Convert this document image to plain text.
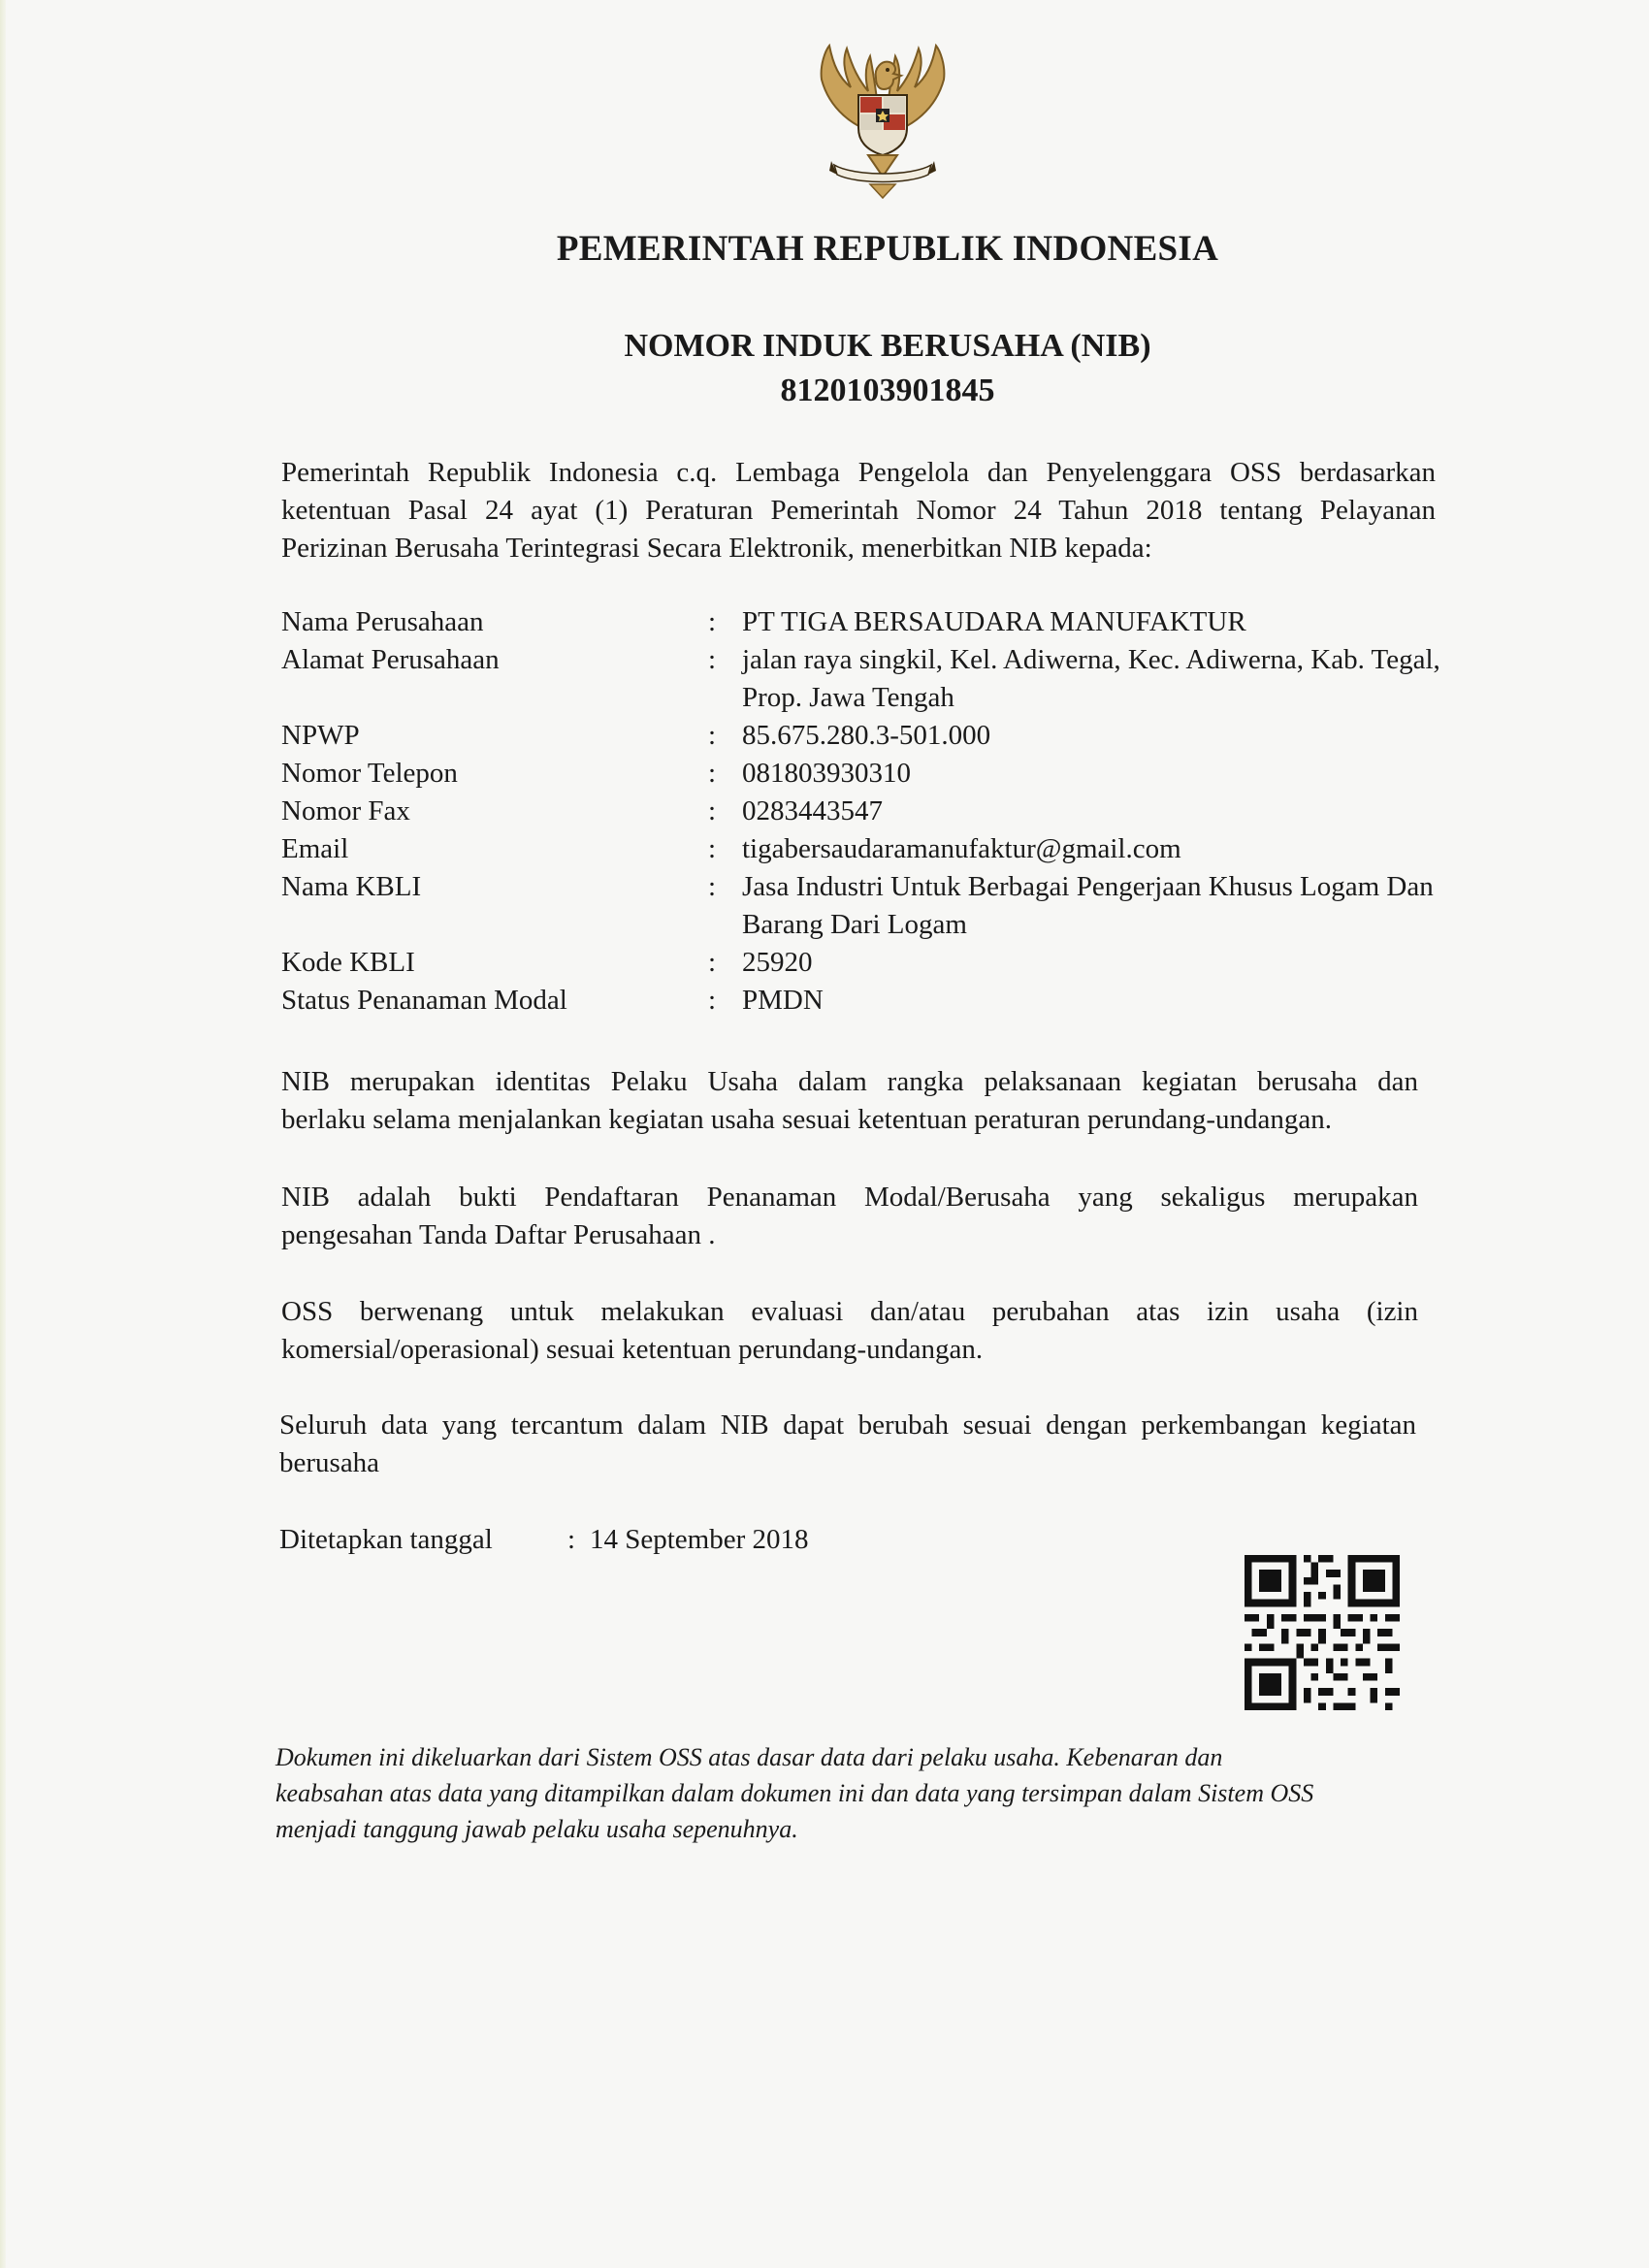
PEMERINTAH REPUBLIK INDONESIA
NOMOR INDUK BERUSAHA (NIB)
8120103901845
Pemerintah Republik Indonesia c.q. Lembaga Pengelola dan Penyelenggara OSS berdasarkan
ketentuan Pasal 24 ayat (1) Peraturan Pemerintah Nomor 24 Tahun 2018 tentang Pelayanan
Perizinan Berusaha Terintegrasi Secara Elektronik, menerbitkan NIB kepada:
Nama Perusahaan	: PT TIGA BERSAUDARA MANUFAKTUR
Alamat Perusahaan	: jalan raya singkil, Kel. Adiwerna, Kec. Adiwerna, Kab. Tegal, Prop. Jawa Tengah
NPWP	: 85.675.280.3-501.000
Nomor Telepon	: 081803930310
Nomor Fax	: 0283443547
Email	: tigabersaudaramanufaktur@gmail.com
Nama KBLI	: Jasa Industri Untuk Berbagai Pengerjaan Khusus Logam Dan Barang Dari Logam
Kode KBLI	: 25920
Status Penanaman Modal	: PMDN
NIB merupakan identitas Pelaku Usaha dalam rangka pelaksanaan kegiatan berusaha dan
berlaku selama menjalankan kegiatan usaha sesuai ketentuan peraturan perundang-undangan.
NIB adalah bukti Pendaftaran Penanaman Modal/Berusaha yang sekaligus merupakan
pengesahan Tanda Daftar Perusahaan .
OSS berwenang untuk melakukan evaluasi dan/atau perubahan atas izin usaha (izin
komersial/operasional) sesuai ketentuan perundang-undangan.
Seluruh data yang tercantum dalam NIB dapat berubah sesuai dengan perkembangan kegiatan
berusaha
Ditetapkan tanggal	: 14 September 2018
Dokumen ini dikeluarkan dari Sistem OSS atas dasar data dari pelaku usaha. Kebenaran dan
keabsahan atas data yang ditampilkan dalam dokumen ini dan data yang tersimpan dalam Sistem OSS
menjadi tanggung jawab pelaku usaha sepenuhnya.
